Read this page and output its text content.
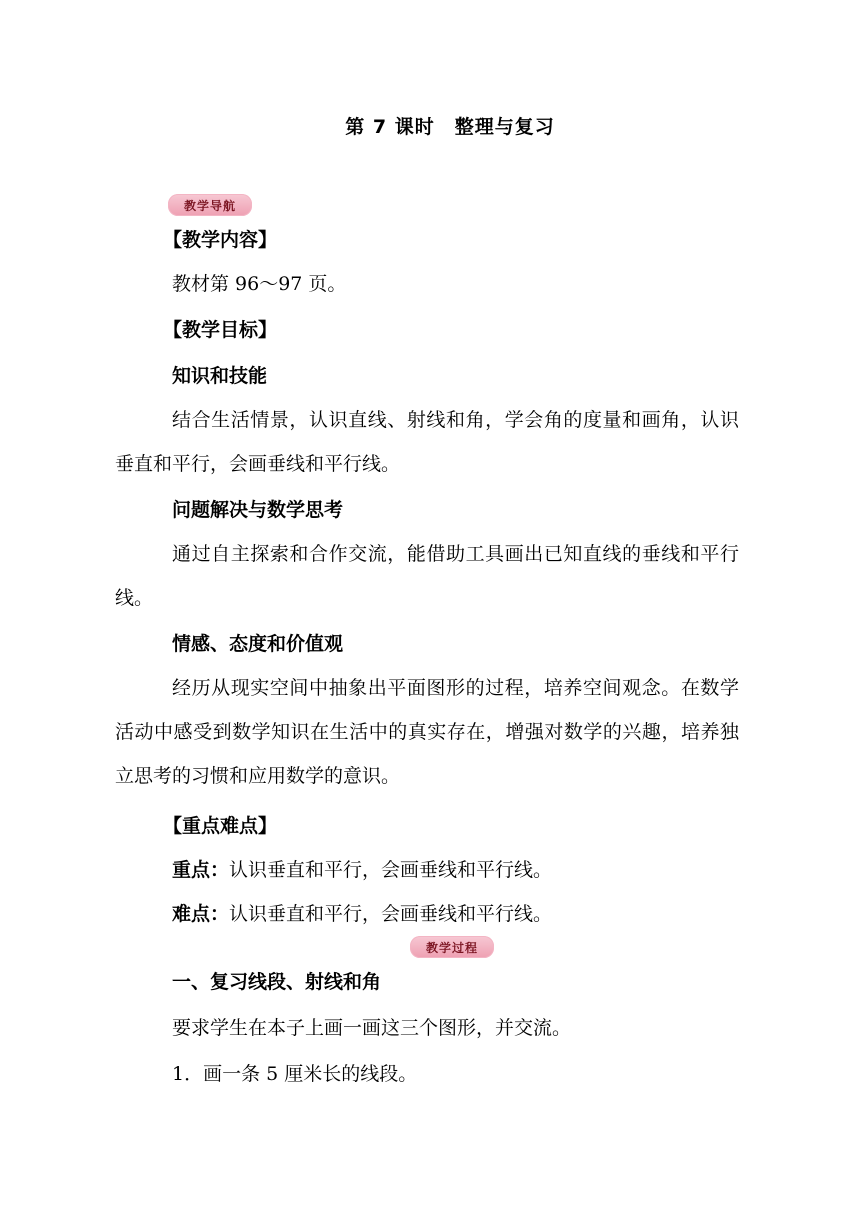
第 7 课时　整理与复习
教学导航
【教学内容】
教材第 96～97 页。
【教学目标】
知识和技能
结合生活情景，认识直线、射线和角，学会角的度量和画角，认识垂直和平行，会画垂线和平行线。
问题解决与数学思考
通过自主探索和合作交流，能借助工具画出已知直线的垂线和平行线。
情感、态度和价值观
经历从现实空间中抽象出平面图形的过程，培养空间观念。在数学活动中感受到数学知识在生活中的真实存在，增强对数学的兴趣，培养独立思考的习惯和应用数学的意识。
【重点难点】
重点：认识垂直和平行，会画垂线和平行线。
难点：认识垂直和平行，会画垂线和平行线。
教学过程
一、复习线段、射线和角
要求学生在本子上画一画这三个图形，并交流。
1．画一条 5 厘米长的线段。
